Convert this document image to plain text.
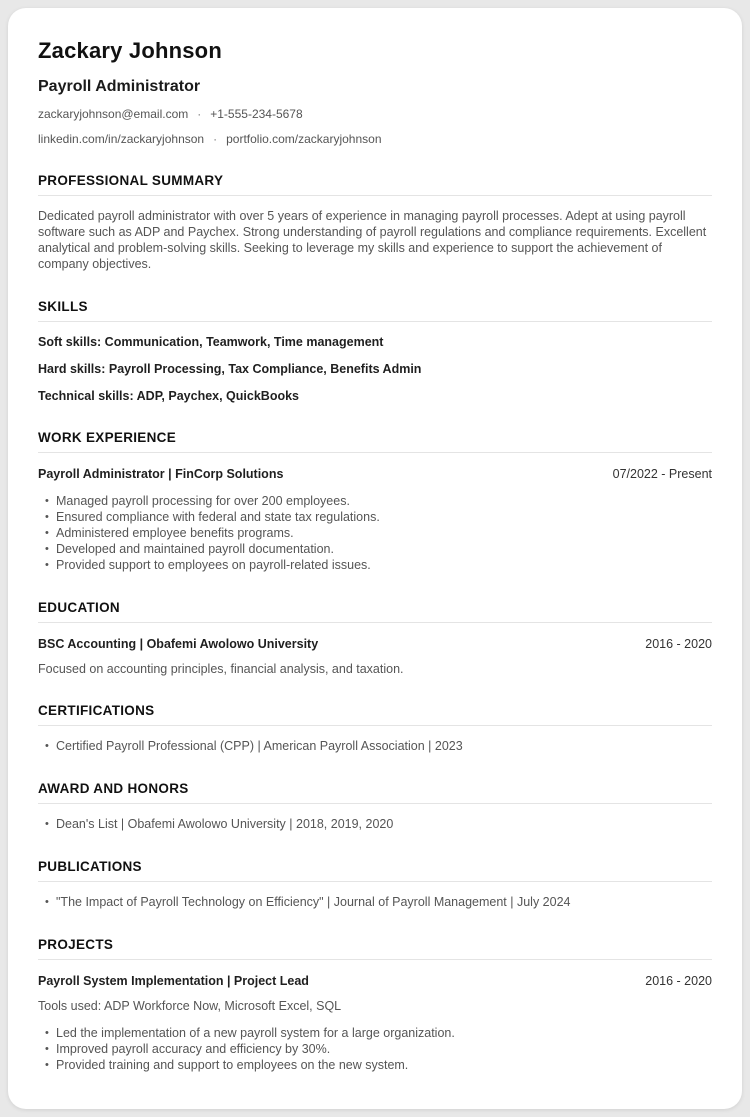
Zackary Johnson
Payroll Administrator
zackaryjohnson@email.com · +1-555-234-5678
linkedin.com/in/zackaryjohnson · portfolio.com/zackaryjohnson
PROFESSIONAL SUMMARY

Dedicated payroll administrator with over 5 years of experience in managing payroll processes. Adept at using payroll software such as ADP and Paychex. Strong understanding of payroll regulations and compliance requirements. Excellent analytical and problem-solving skills. Seeking to leverage my skills and experience to support the achievement of company objectives.

SKILLS

Soft skills: Communication, Teamwork, Time management

Hard skills: Payroll Processing, Tax Compliance, Benefits Admin

Technical skills: ADP, Paychex, QuickBooks

WORK EXPERIENCE
Payroll Administrator | FinCorp Solutions	07/2022 - Present
• Managed payroll processing for over 200 employees.
• Ensured compliance with federal and state tax regulations.
• Administered employee benefits programs.
• Developed and maintained payroll documentation.
• Provided support to employees on payroll-related issues.
EDUCATION
BSC Accounting | Obafemi Awolowo University	2016 - 2020

Focused on accounting principles, financial analysis, and taxation.

CERTIFICATIONS
• Certified Payroll Professional (CPP) | American Payroll Association | 2023
AWARD AND HONORS
• Dean's List | Obafemi Awolowo University | 2018, 2019, 2020
PUBLICATIONS
• "The Impact of Payroll Technology on Efficiency" | Journal of Payroll Management | July 2024
PROJECTS
Payroll System Implementation | Project Lead	2016 - 2020

Tools used: ADP Workforce Now, Microsoft Excel, SQL

• Led the implementation of a new payroll system for a large organization.
• Improved payroll accuracy and efficiency by 30%.
• Provided training and support to employees on the new system.
